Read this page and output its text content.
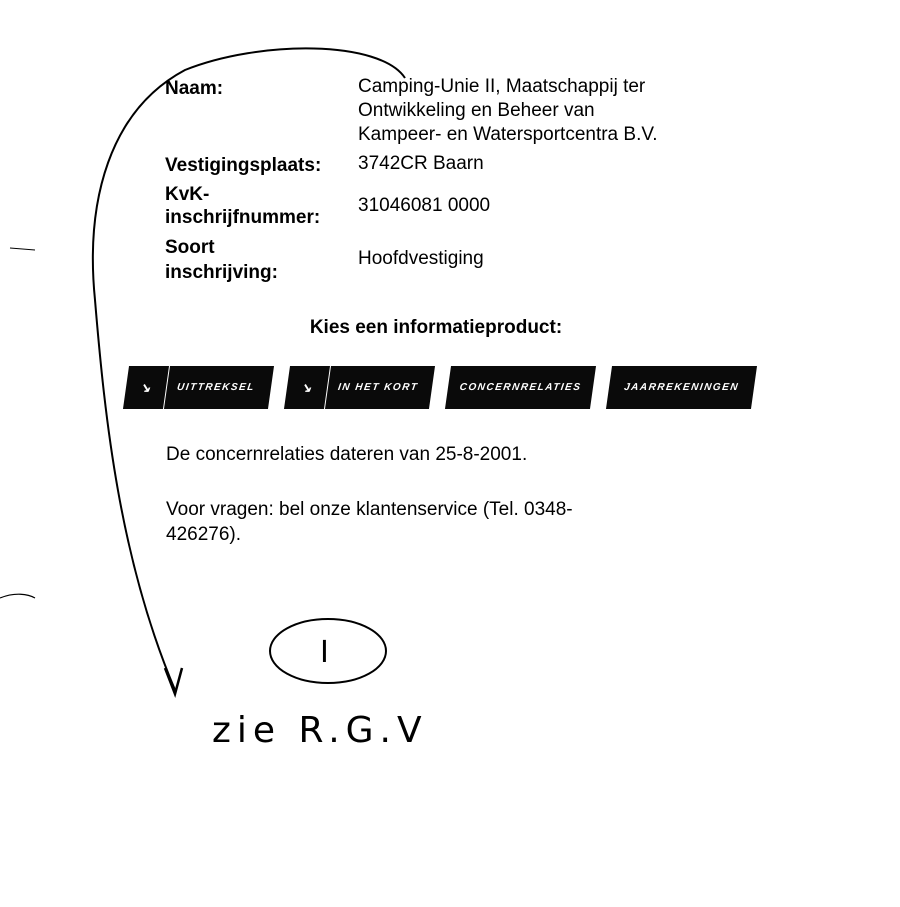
Naam:	Camping-Unie II, Maatschappij ter
Ontwikkeling en Beheer van
Kampeer- en Watersportcentra B.V.
Vestigingsplaats: 3742CR Baarn
KvK-
inschrijfnummer:
31046081 0000
Soort
inschrijving:
Hoofdvestiging
Kies een informatieproduct:
↘	UITTREKSEL	↘	IN HET KORT	CONCERNRELATIES	JAARREKENINGEN
De concernrelaties dateren van 25-8-2001.
Voor vragen: bel onze klantenservice (Tel. 0348-
426276).
I
zie R.G.V
